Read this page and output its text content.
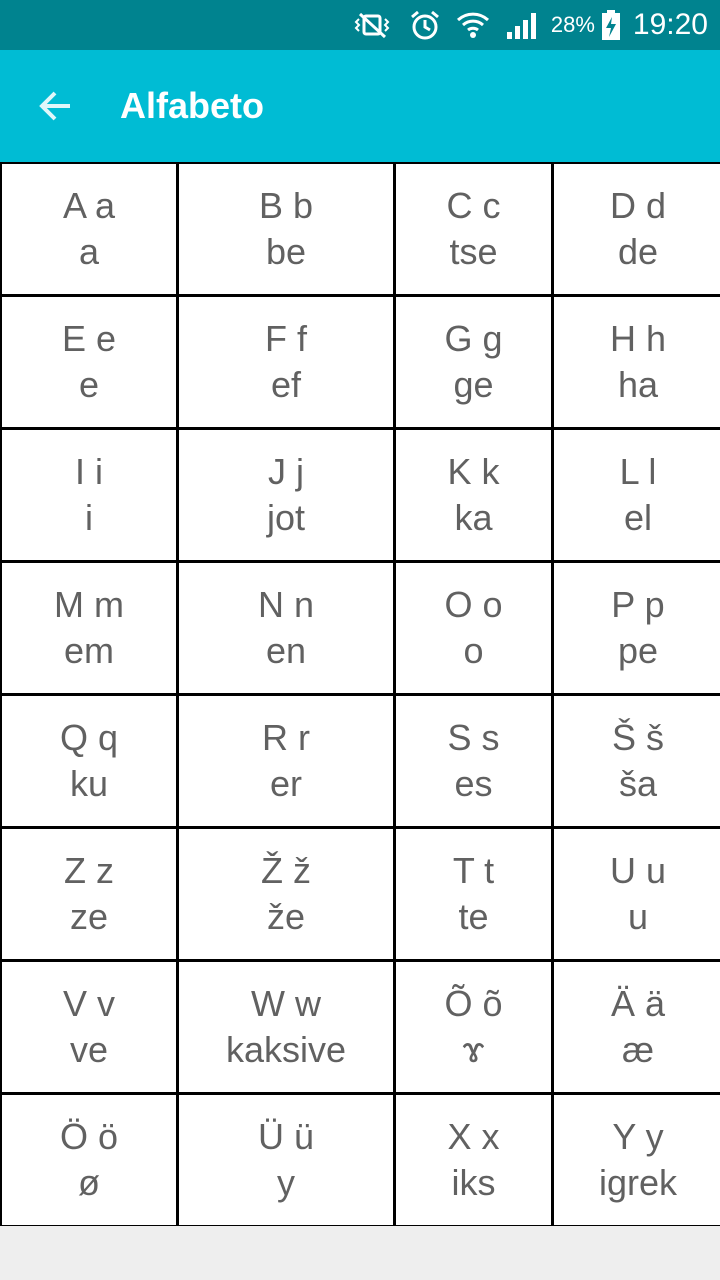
28% 19:20
Alfabeto
A a
a
B b
be
C c
tse
D d
de
E e
e
F f
ef
G g
ge
H h
ha
I i
i
J j
jot
K k
ka
L l
el
M m
em
N n
en
O o
o
P p
pe
Q q
ku
R r
er
S s
es
Š š
ša
Z z
ze
Ž ž
že
T t
te
U u
u
V v
ve
W w
kaksive
Õ õ
ɤ
Ä ä
æ
Ö ö
ø
Ü ü
y
X x
iks
Y y
igrek
